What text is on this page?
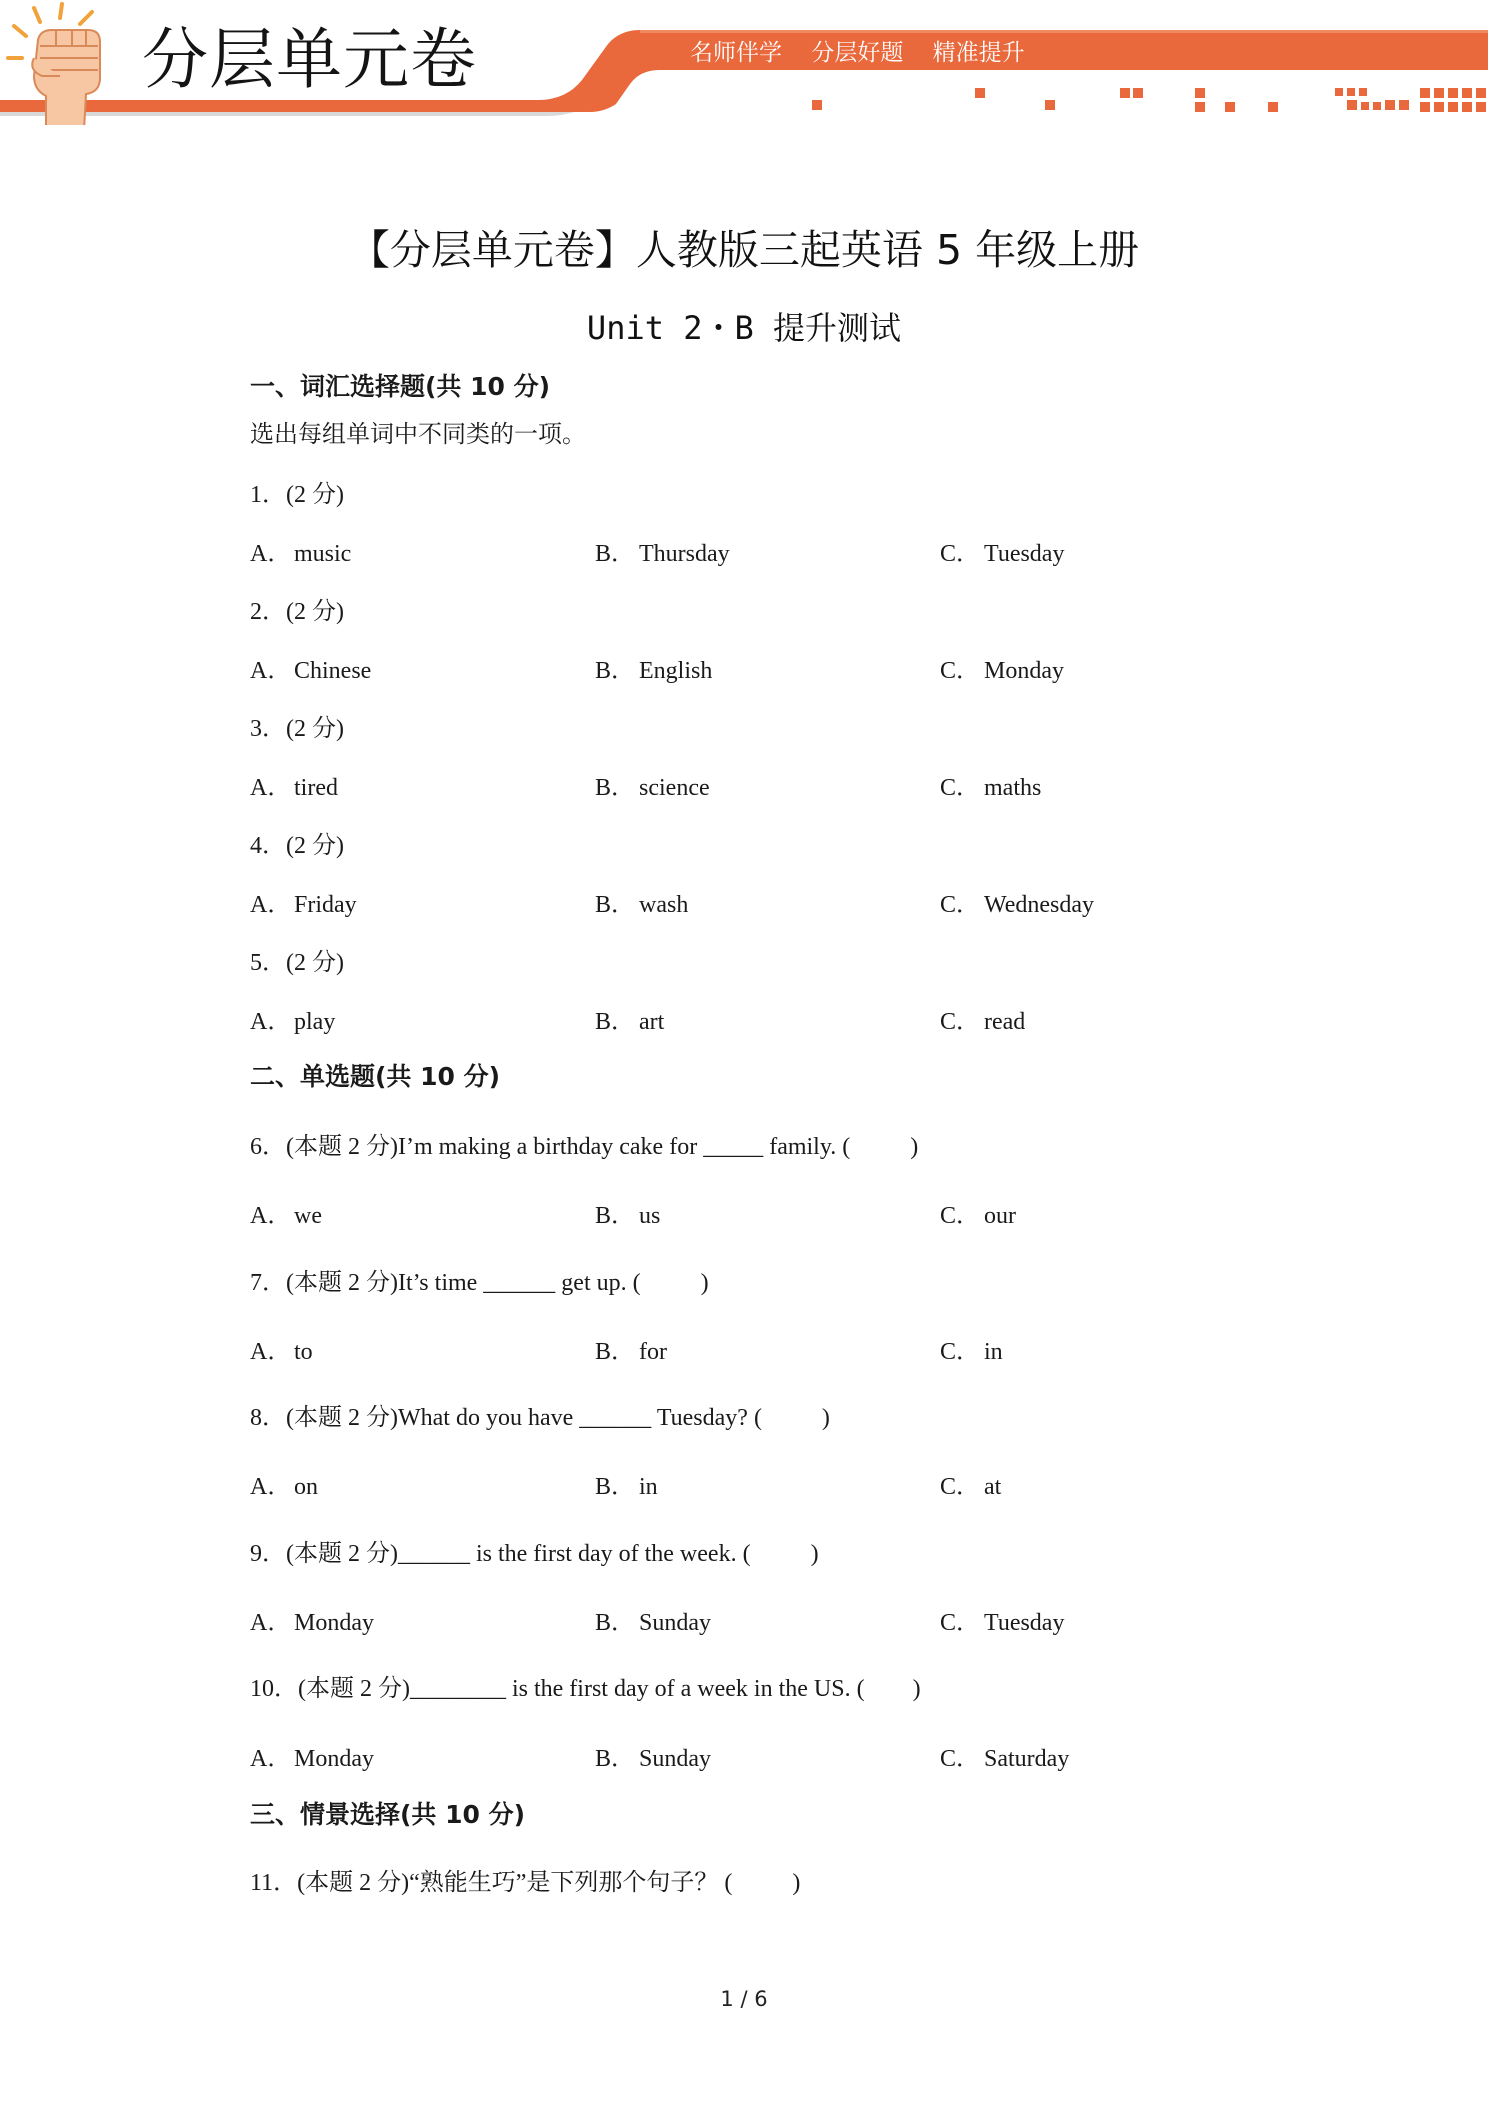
分层单元卷	名师伴学 分层好题 精准提升
【分层单元卷】人教版三起英语 5 年级上册
Unit 2・B 提升测试
一、词汇选择题(共 10 分)
选出每组单词中不同类的一项。
1．(2 分)
A． music	B． Thursday	C． Tuesday
2．(2 分)
A． Chinese	B． English	C． Monday
3．(2 分)
A． tired	B． science	C． maths
4．(2 分)
A． Friday	B． wash	C． Wednesday
5．(2 分)
A． play	B． art	C． read
二、单选题(共 10 分)
6．(本题 2 分)I’m making a birthday cake for _____ family. (          )
A． we	B． us	C． our
7．(本题 2 分)It’s time ______ get up. (          )
A． to	B． for	C． in
8．(本题 2 分)What do you have ______ Tuesday? (          )
A． on	B． in	C． at
9．(本题 2 分)______ is the first day of the week. (          )
A． Monday	B． Sunday	C． Tuesday
10．(本题 2 分)________ is the first day of a week in the US. (        )
A． Monday	B． Sunday	C． Saturday
三、情景选择(共 10 分)
11．(本题 2 分)“熟能生巧”是下列那个句子？ (          )
1 / 6
